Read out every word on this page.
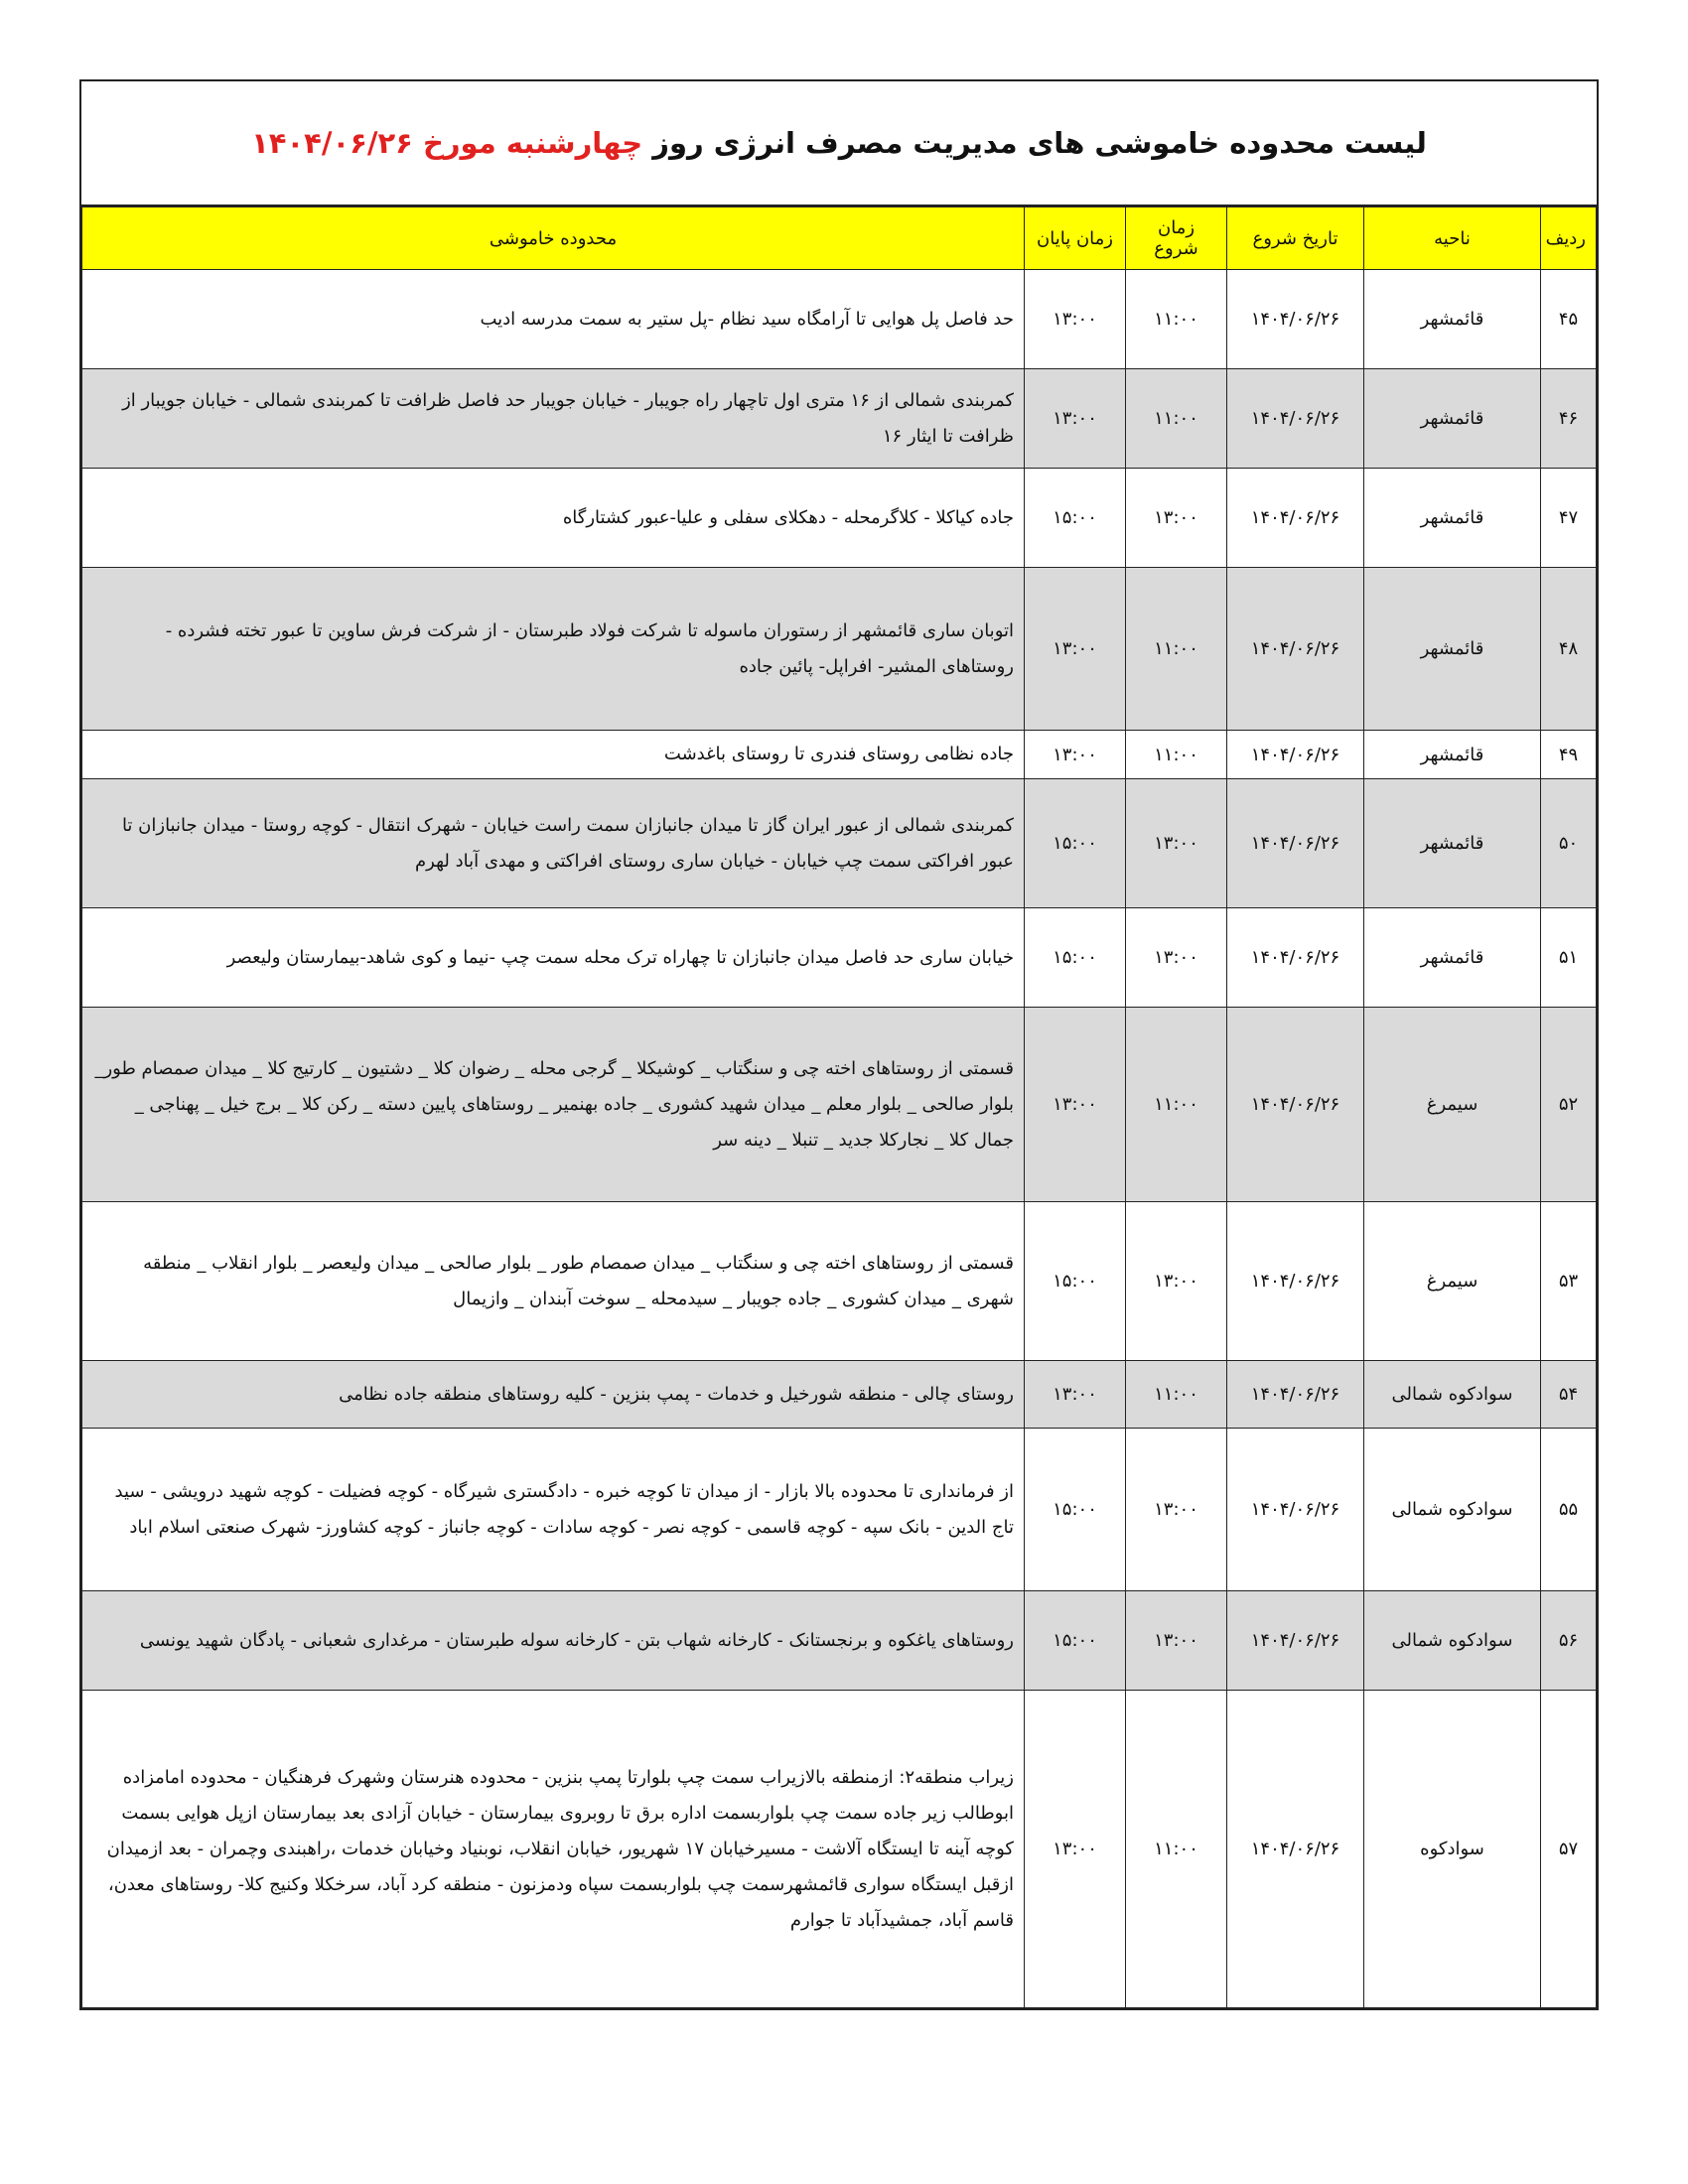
لیست محدوده خاموشی های مدیریت مصرف انرژی روز چهارشنبه مورخ ۱۴۰۴/۰۶/۲۶
ردیف	ناحیه	تاریخ شروع	زمان شروع	زمان پایان	محدوده خاموشی
۴۵	قائمشهر	۱۴۰۴/۰۶/۲۶	۱۱:۰۰	۱۳:۰۰	حد فاصل پل هوایی تا آرامگاه سید نظام -پل ستیر به سمت مدرسه ادیب
۴۶	قائمشهر	۱۴۰۴/۰۶/۲۶	۱۱:۰۰	۱۳:۰۰	کمربندی شمالی از ۱۶ متری اول تاچهار راه جویبار - خیابان جویبار حد فاصل ظرافت تا کمربندی شمالی - خیابان جویبار از ظرافت تا ایثار ۱۶
۴۷	قائمشهر	۱۴۰۴/۰۶/۲۶	۱۳:۰۰	۱۵:۰۰	جاده کیاکلا - کلاگرمحله - دهکلای سفلی و علیا-عبور کشتارگاه
۴۸	قائمشهر	۱۴۰۴/۰۶/۲۶	۱۱:۰۰	۱۳:۰۰	اتوبان ساری قائمشهر از رستوران ماسوله تا شرکت فولاد طبرستان - از شرکت فرش ساوین تا عبور تخته فشرده - روستاهای المشیر- افراپل- پائین جاده
۴۹	قائمشهر	۱۴۰۴/۰۶/۲۶	۱۱:۰۰	۱۳:۰۰	جاده نظامی روستای فندری تا روستای باغدشت
۵۰	قائمشهر	۱۴۰۴/۰۶/۲۶	۱۳:۰۰	۱۵:۰۰	کمربندی شمالی از عبور ایران گاز تا میدان جانبازان سمت راست خیابان - شهرک انتقال - کوچه روستا - میدان جانبازان تا عبور افراکتی سمت چپ خیابان - خیابان ساری روستای افراکتی و مهدی آباد لهرم
۵۱	قائمشهر	۱۴۰۴/۰۶/۲۶	۱۳:۰۰	۱۵:۰۰	خیابان ساری حد فاصل میدان جانبازان تا چهاراه ترک محله سمت چپ -نیما و کوی شاهد-بیمارستان ولیعصر
۵۲	سیمرغ	۱۴۰۴/۰۶/۲۶	۱۱:۰۰	۱۳:۰۰	قسمتی از روستاهای اخته چی و سنگتاب _ کوشیکلا _ گرجی محله _ رضوان کلا _ دشتیون _ کارتیج کلا _ میدان صمصام طور_ بلوار صالحی _ بلوار معلم _ میدان شهید کشوری _ جاده بهنمیر _ روستاهای پایین دسته _ رکن کلا _ برج خیل _ پهناجی _ جمال کلا _ نجارکلا جدید _ تنبلا _ دینه سر
۵۳	سیمرغ	۱۴۰۴/۰۶/۲۶	۱۳:۰۰	۱۵:۰۰	قسمتی از روستاهای اخته چی و سنگتاب _ میدان صمصام طور _ بلوار صالحی _ میدان ولیعصر _ بلوار انقلاب _ منطقه شهری _ میدان کشوری _ جاده جویبار _ سیدمحله _ سوخت آبندان _ وازیمال
۵۴	سوادکوه شمالی	۱۴۰۴/۰۶/۲۶	۱۱:۰۰	۱۳:۰۰	روستای چالی - منطقه شورخیل و خدمات - پمپ بنزین - کلیه روستاهای منطقه جاده نظامی
۵۵	سوادکوه شمالی	۱۴۰۴/۰۶/۲۶	۱۳:۰۰	۱۵:۰۰	از فرمانداری تا محدوده بالا بازار - از میدان تا کوچه خبره - دادگستری شیرگاه - کوچه فضیلت - کوچه شهید درویشی - سید تاج الدین - بانک سپه - کوچه قاسمی - کوچه نصر - کوچه سادات - کوچه جانباز - کوچه کشاورز- شهرک صنعتی اسلام اباد
۵۶	سوادکوه شمالی	۱۴۰۴/۰۶/۲۶	۱۳:۰۰	۱۵:۰۰	روستاهای یاغکوه و برنجستانک - کارخانه شهاب بتن - کارخانه سوله طبرستان - مرغداری شعبانی - پادگان شهید یونسی
۵۷	سوادکوه	۱۴۰۴/۰۶/۲۶	۱۱:۰۰	۱۳:۰۰	زیراب منطقه۲: ازمنطقه بالازیراب سمت چپ بلوارتا پمپ بنزین - محدوده هنرستان وشهرک فرهنگیان - محدوده امامزاده ابوطالب زیر جاده سمت چپ بلواربسمت اداره برق تا روبروی بیمارستان - خیابان آزادی بعد بیمارستان ازپل هوایی بسمت کوچه آینه تا ایستگاه آلاشت - مسیرخیابان ۱۷ شهریور، خیابان انقلاب، نوبنیاد وخیابان خدمات ،راهبندی وچمران - بعد ازمیدان ازقبل ایستگاه سواری قائمشهرسمت چپ بلواربسمت سپاه ودمزنون - منطقه کرد آباد، سرخکلا وکنیج کلا- روستاهای معدن، قاسم آباد، جمشیدآباد تا جوارم
